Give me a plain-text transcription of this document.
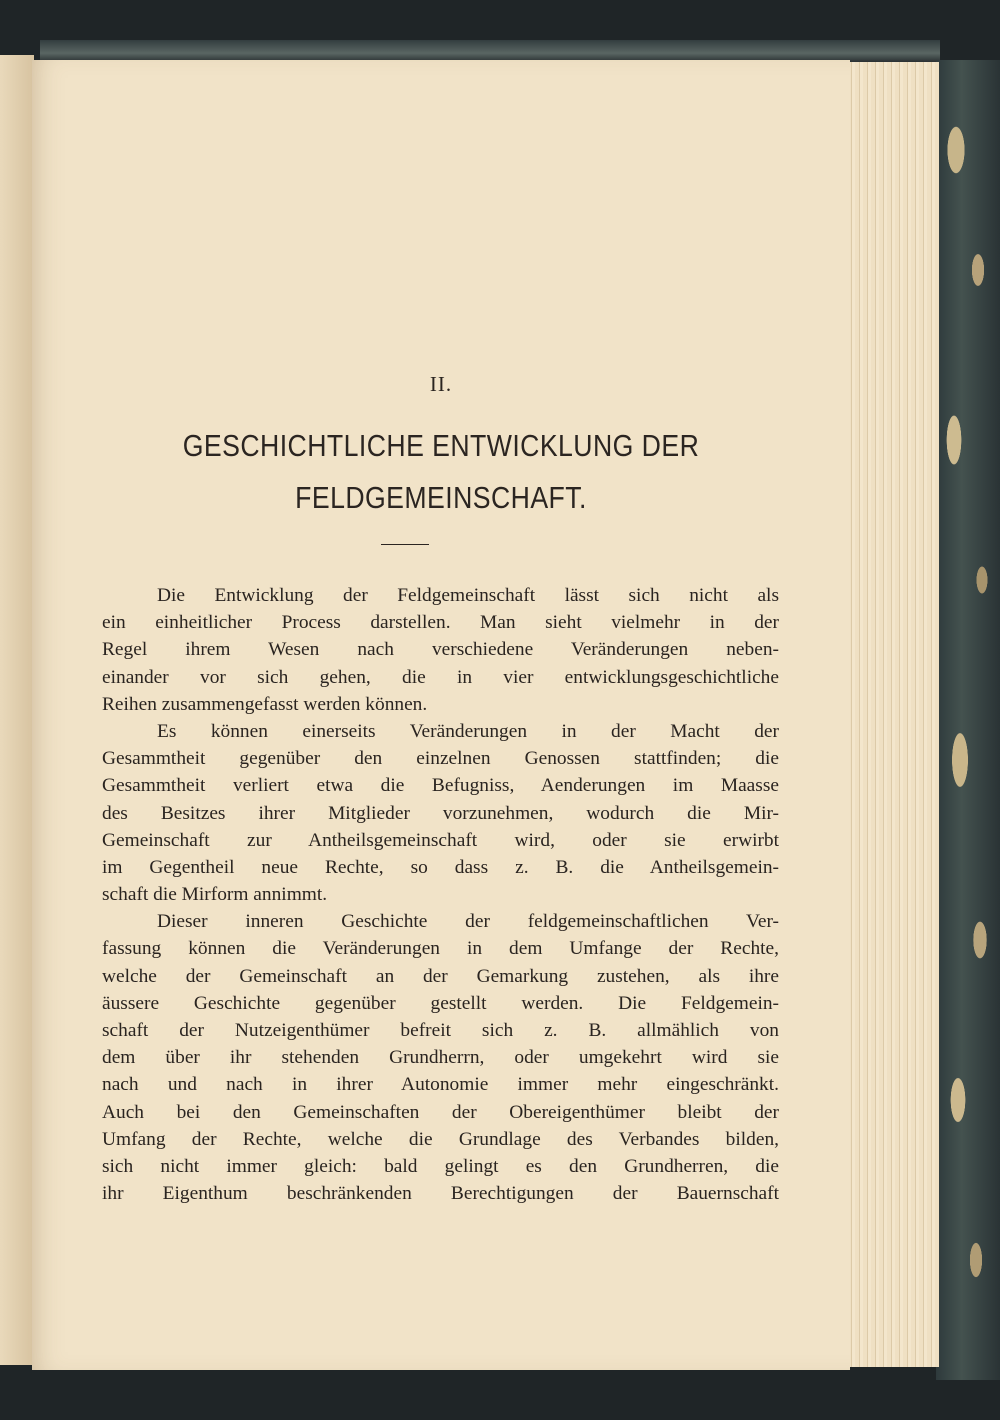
II.
GESCHICHTLICHE ENTWICKLUNG DER
FELDGEMEINSCHAFT.
Die Entwicklung der Feldgemeinschaft lässt sich nicht als
ein einheitlicher Process darstellen. Man sieht vielmehr in der
Regel ihrem Wesen nach verschiedene Veränderungen neben-
einander vor sich gehen, die in vier entwicklungsgeschichtliche
Reihen zusammengefasst werden können.
Es können einerseits Veränderungen in der Macht der
Gesammtheit gegenüber den einzelnen Genossen stattfinden; die
Gesammtheit verliert etwa die Befugniss, Aenderungen im Maasse
des Besitzes ihrer Mitglieder vorzunehmen, wodurch die Mir-
Gemeinschaft zur Antheilsgemeinschaft wird, oder sie erwirbt
im Gegentheil neue Rechte, so dass z. B. die Antheilsgemein-
schaft die Mirform annimmt.
Dieser inneren Geschichte der feldgemeinschaftlichen Ver-
fassung können die Veränderungen in dem Umfange der Rechte,
welche der Gemeinschaft an der Gemarkung zustehen, als ihre
äussere Geschichte gegenüber gestellt werden. Die Feldgemein-
schaft der Nutzeigenthümer befreit sich z. B. allmählich von
dem über ihr stehenden Grundherrn, oder umgekehrt wird sie
nach und nach in ihrer Autonomie immer mehr eingeschränkt.
Auch bei den Gemeinschaften der Obereigenthümer bleibt der
Umfang der Rechte, welche die Grundlage des Verbandes bilden,
sich nicht immer gleich: bald gelingt es den Grundherren, die
ihr Eigenthum beschränkenden Berechtigungen der Bauernschaft
